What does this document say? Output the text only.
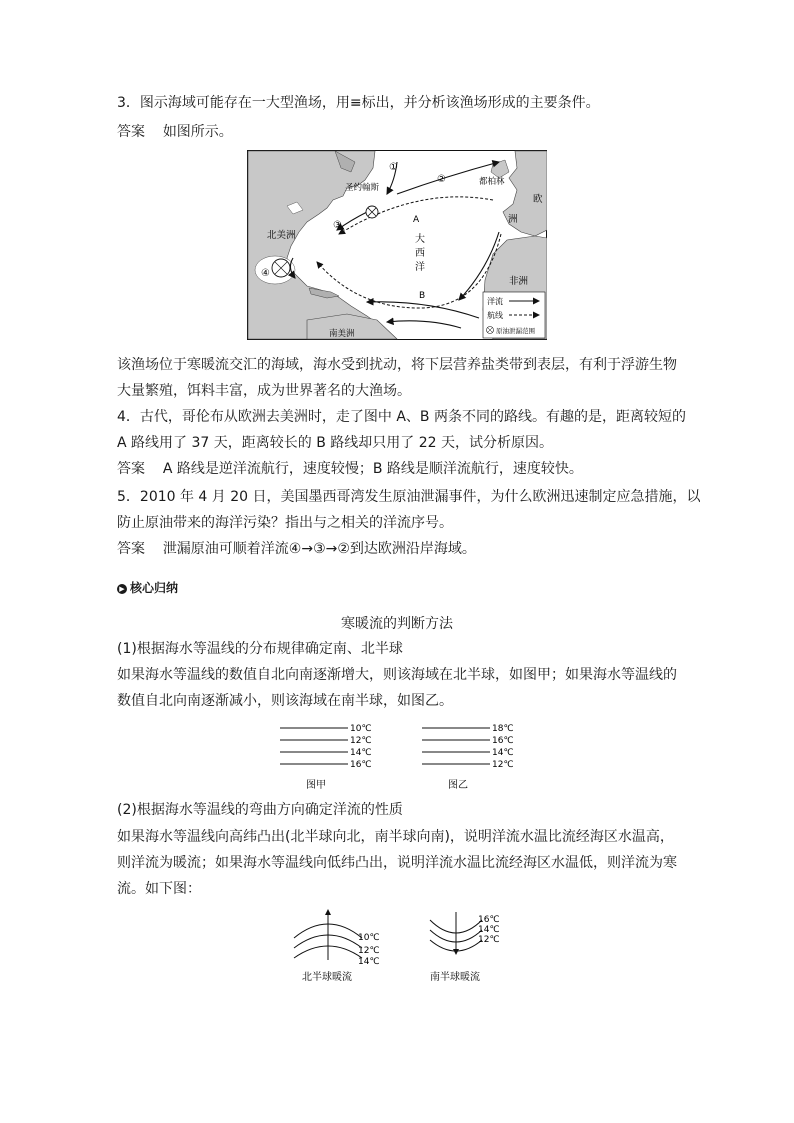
3．图示海域可能存在一大型渔场，用≡标出，并分析该渔场形成的主要条件。
答案 如图所示。
圣约翰斯
都柏林
欧
洲
北美洲	大
西
洋
非洲
南美洲
A
B
①
②
③
④
洋流
航线
原油泄漏范围
该渔场位于寒暖流交汇的海域，海水受到扰动，将下层营养盐类带到表层，有利于浮游生物
大量繁殖，饵料丰富，成为世界著名的大渔场。
4．古代，哥伦布从欧洲去美洲时，走了图中 A、B 两条不同的路线。有趣的是，距离较短的
A 路线用了 37 天，距离较长的 B 路线却只用了 22 天，试分析原因。
答案 A 路线是逆洋流航行，速度较慢；B 路线是顺洋流航行，速度较快。
5．2010 年 4 月 20 日，美国墨西哥湾发生原油泄漏事件，为什么欧洲迅速制定应急措施，以
防止原油带来的海洋污染？指出与之相关的洋流序号。
答案 泄漏原油可顺着洋流④→③→②到达欧洲沿岸海域。
▶ 核心归纳
寒暖流的判断方法
(1)根据海水等温线的分布规律确定南、北半球
如果海水等温线的数值自北向南逐渐增大，则该海域在北半球，如图甲；如果海水等温线的
数值自北向南逐渐减小，则该海域在南半球，如图乙。
10℃
12℃
14℃
16℃
图甲
18℃
16℃
14℃
12℃
图乙
(2)根据海水等温线的弯曲方向确定洋流的性质
如果海水等温线向高纬凸出(北半球向北，南半球向南)，说明洋流水温比流经海区水温高，
则洋流为暖流；如果海水等温线向低纬凸出，说明洋流水温比流经海区水温低，则洋流为寒
流。如下图：
10℃
12℃
14℃
北半球暖流
16℃
14℃
12℃
南半球暖流
